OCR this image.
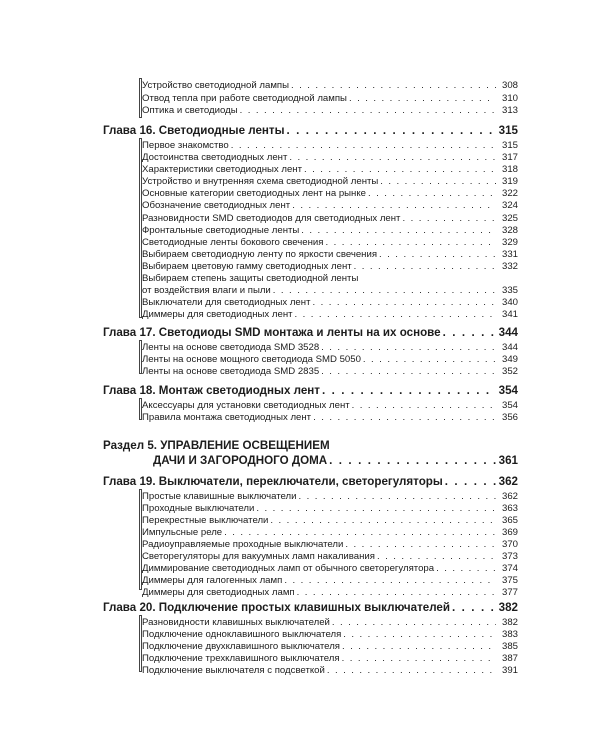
Устройство светодиодной лампы . . .	308
Отвод тепла при работе светодиодной лампы . . .	310
Оптика и светодиоды . . .	313
Глава 16. Светодиодные ленты . . .	315
Первое знакомство . . .	315
Достоинства светодиодных лент . . .	317
Характеристики светодиодных лент . . .	318
Устройство и внутренняя схема светодиодной ленты . . .	319
Основные категории светодиодных лент на рынке . . .	322
Обозначение светодиодных лент . . .	324
Разновидности SMD светодиодов для светодиодных лент . . .	325
Фронтальные светодиодные ленты . . .	328
Светодиодные ленты бокового свечения . . .	329
Выбираем светодиодную ленту по яркости свечения . . .	331
Выбираем цветовую гамму светодиодных лент . . .	332
Выбираем степень защиты светодиодной ленты
от воздействия влаги и пыли . . .	335
Выключатели для светодиодных лент . . .	340
Диммеры для светодиодных лент . . .	341
Глава 17. Светодиоды SMD монтажа и ленты на их основе . . .	344
Ленты на основе светодиода SMD 3528 . . .	344
Ленты на основе мощного светодиода SMD 5050 . . .	349
Ленты на основе светодиода SMD 2835 . . .	352
Глава 18. Монтаж светодиодных лент . . .	354
Аксессуары для установки светодиодных лент . . .	354
Правила монтажа светодиодных лент . . .	356
Раздел 5. УПРАВЛЕНИЕ ОСВЕЩЕНИЕМ
ДАЧИ И ЗАГОРОДНОГО ДОМА . . .	361
Глава 19. Выключатели, переключатели, светорегуляторы . . .	362
Простые клавишные выключатели . . .	362
Проходные выключатели . . .	363
Перекрестные выключатели . . .	365
Импульсные реле . . .	369
Радиоуправляемые проходные выключатели . . .	370
Светорегуляторы для вакуумных ламп накаливания . . .	373
Диммирование светодиодных ламп от обычного светорегулятора . . .	374
Диммеры для галогенных ламп . . .	375
Диммеры для светодиодных ламп . . .	377
Глава 20. Подключение простых клавишных выключателей . . .	382
Разновидности клавишных выключателей . . .	382
Подключение одноклавишного выключателя . . .	383
Подключение двухклавишного выключателя . . .	385
Подключение трехклавишного выключателя . . .	387
Подключение выключателя с подсветкой . . .	391
